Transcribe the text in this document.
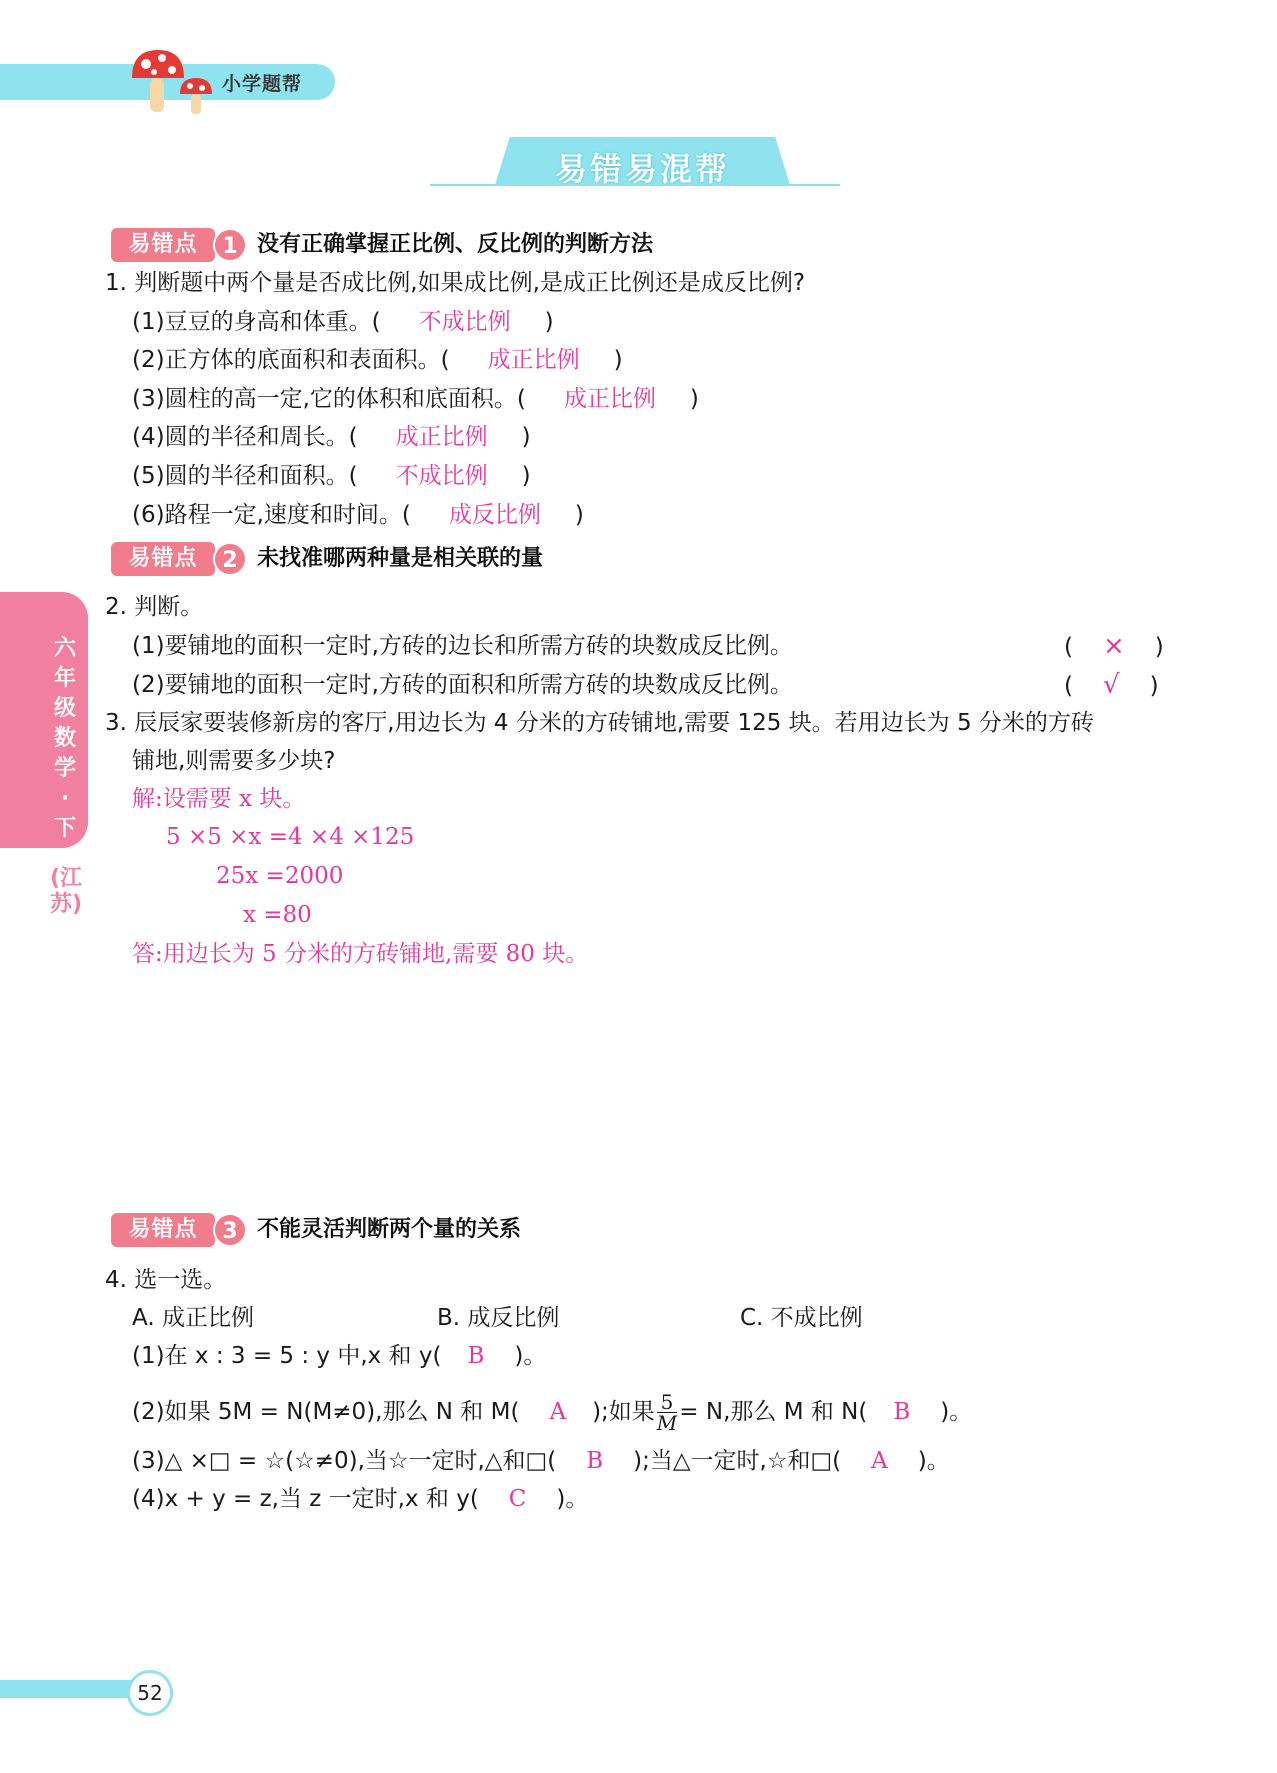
小学题帮
易错易混帮
六年级数学·下
(江苏)
易错点	1 没有正确掌握正比例、反比例的判断方法
1. 判断题中两个量是否成比例,如果成比例,是成正比例还是成反比例?
(1)豆豆的身高和体重。( 不成比例 )
(2)正方体的底面积和表面积。( 成正比例 )
(3)圆柱的高一定,它的体积和底面积。( 成正比例 )
(4)圆的半径和周长。( 成正比例 )
(5)圆的半径和面积。( 不成比例 )
(6)路程一定,速度和时间。( 成反比例 )
易错点	2 未找准哪两种量是相关联的量
2. 判断。
(1)要铺地的面积一定时,方砖的边长和所需方砖的块数成反比例。	( × )
(2)要铺地的面积一定时,方砖的面积和所需方砖的块数成反比例。	( √ )
3. 辰辰家要装修新房的客厅,用边长为 4 分米的方砖铺地,需要 125 块。若用边长为 5 分米的方砖
铺地,则需要多少块?
解:设需要 x 块。
5 ×5 ×x =4 ×4 ×125
25x =2000
x =80
答:用边长为 5 分米的方砖铺地,需要 80 块。
易错点	3 不能灵活判断两个量的关系
4. 选一选。
A. 成正比例	B. 成反比例	C. 不成比例
(1)在 x : 3 = 5 : y 中,x 和 y( B )。
(2)如果 5M = N(M≠0),那么 N 和 M( A );如果 $\frac{5}{M} = N$,那么 M 和 N( B )。
(3)△ ×□ = ☆(☆≠0),当☆一定时,△和□( B );当△一定时,☆和□( A )。
(4)x + y = z,当 z 一定时,x 和 y( C )。
52
